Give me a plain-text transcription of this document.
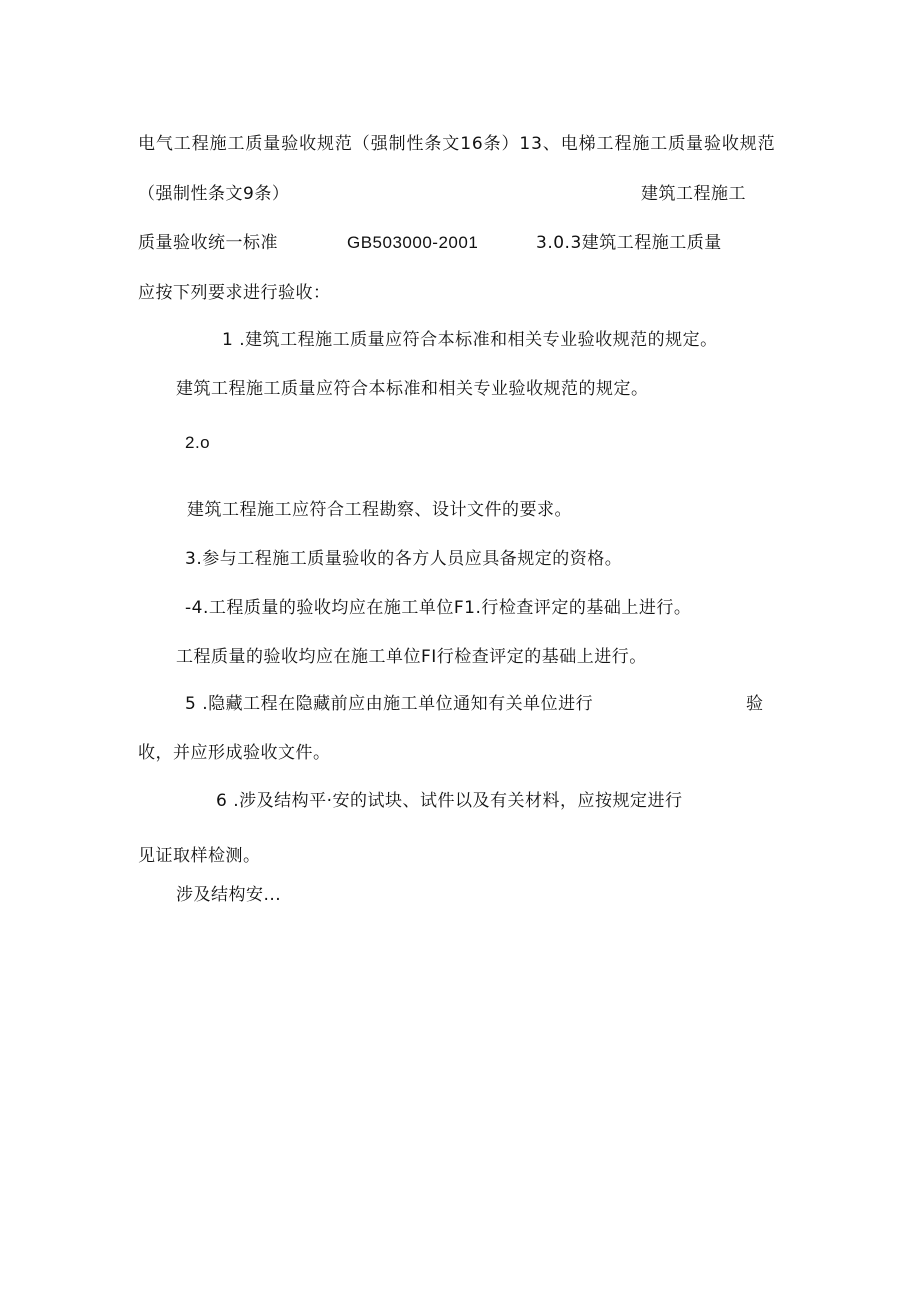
电气工程施工质量验收规范（强制性条文16条）13、电梯工程施工质量验收规范
（强制性条文9条）	建筑工程施工
质量验收统一标准	GB503000-2001	3.0.3建筑工程施工质量
应按下列要求进行验收：
1 .建筑工程施工质量应符合本标准和相关专业验收规范的规定。
建筑工程施工质量应符合本标准和相关专业验收规范的规定。
2.o
建筑工程施工应符合工程勘察、设计文件的要求。
3.参与工程施工质量验收的各方人员应具备规定的资格。
-4.工程质量的验收均应在施工单位F1.行检查评定的基础上进行。
工程质量的验收均应在施工单位FI行检查评定的基础上进行。
5 .隐藏工程在隐藏前应由施工单位通知有关单位进行	验
收，并应形成验收文件。
6 .涉及结构平·安的试块、试件以及有关材料，应按规定进行
见证取样检测。
涉及结构安...
